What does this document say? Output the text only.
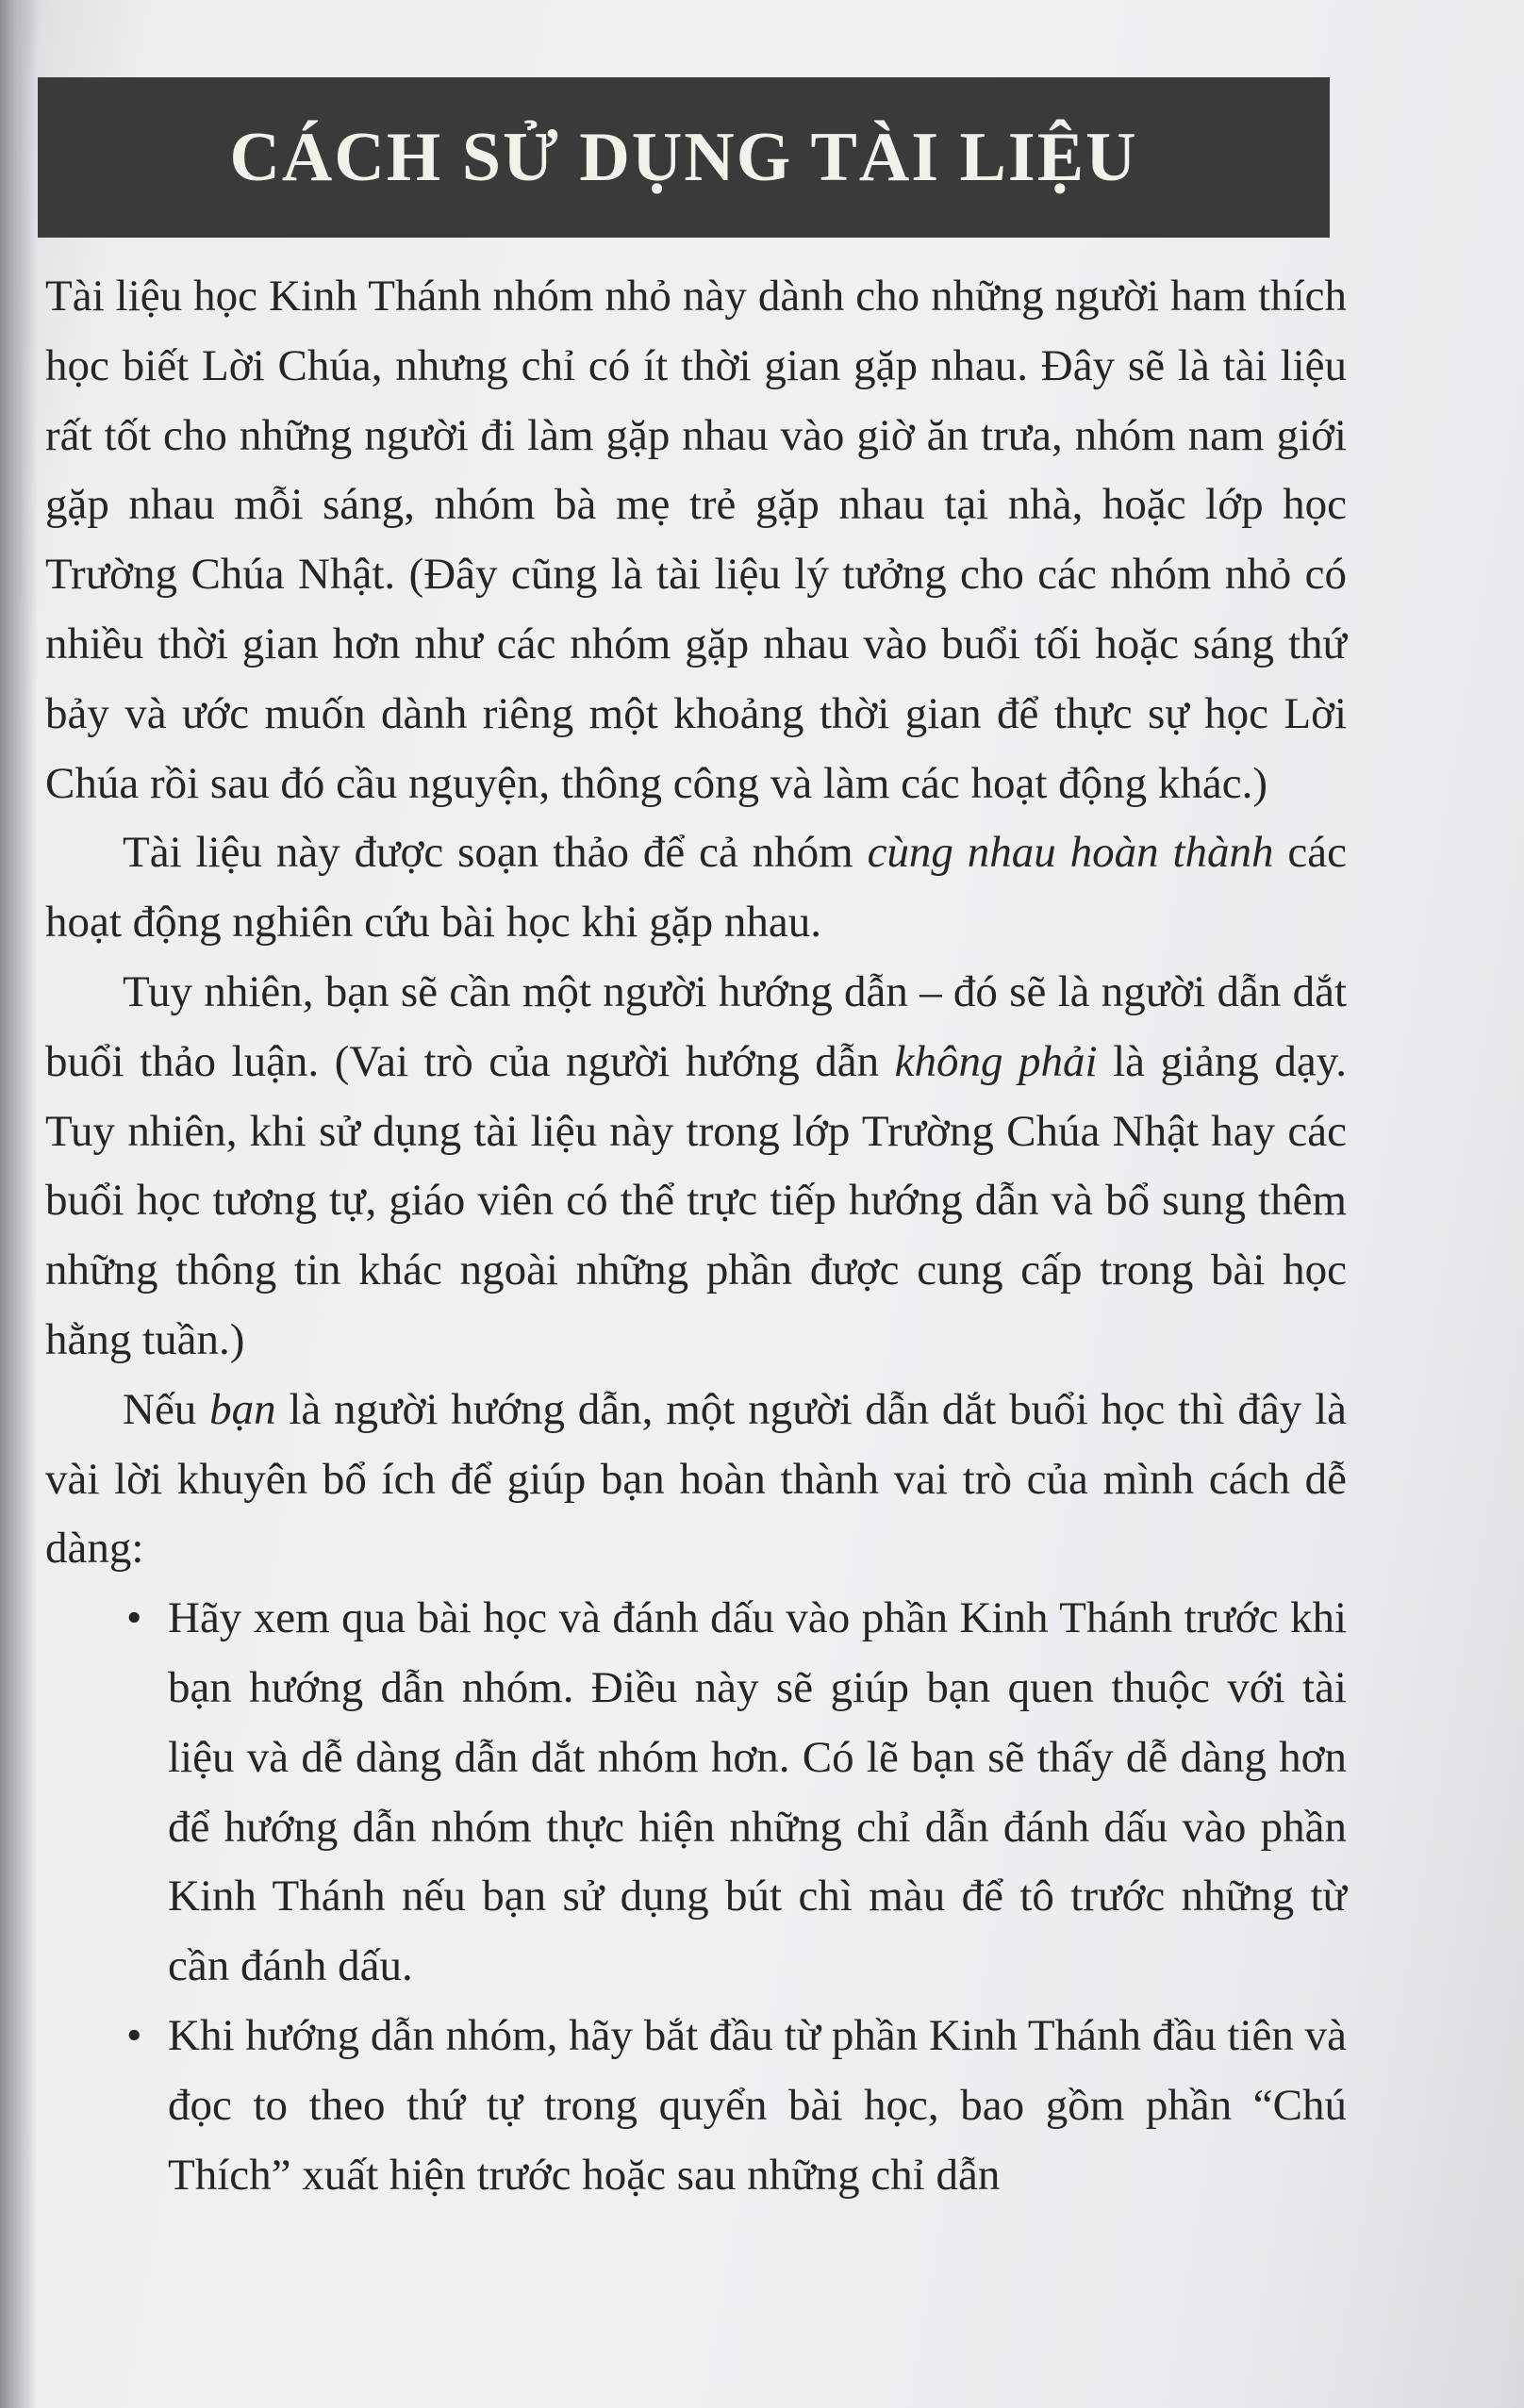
CÁCH SỬ DỤNG TÀI LIỆU

Tài liệu học Kinh Thánh nhóm nhỏ này dành cho những người ham thích học biết Lời Chúa, nhưng chỉ có ít thời gian gặp nhau. Đây sẽ là tài liệu rất tốt cho những người đi làm gặp nhau vào giờ ăn trưa, nhóm nam giới gặp nhau mỗi sáng, nhóm bà mẹ trẻ gặp nhau tại nhà, hoặc lớp học Trường Chúa Nhật. (Đây cũng là tài liệu lý tưởng cho các nhóm nhỏ có nhiều thời gian hơn như các nhóm gặp nhau vào buổi tối hoặc sáng thứ bảy và ước muốn dành riêng một khoảng thời gian để thực sự học Lời Chúa rồi sau đó cầu nguyện, thông công và làm các hoạt động khác.)

Tài liệu này được soạn thảo để cả nhóm cùng nhau hoàn thành các hoạt động nghiên cứu bài học khi gặp nhau.

Tuy nhiên, bạn sẽ cần một người hướng dẫn – đó sẽ là người dẫn dắt buổi thảo luận. (Vai trò của người hướng dẫn không phải là giảng dạy. Tuy nhiên, khi sử dụng tài liệu này trong lớp Trường Chúa Nhật hay các buổi học tương tự, giáo viên có thể trực tiếp hướng dẫn và bổ sung thêm những thông tin khác ngoài những phần được cung cấp trong bài học hằng tuần.)

Nếu bạn là người hướng dẫn, một người dẫn dắt buổi học thì đây là vài lời khuyên bổ ích để giúp bạn hoàn thành vai trò của mình cách dễ dàng:

• Hãy xem qua bài học và đánh dấu vào phần Kinh Thánh trước khi bạn hướng dẫn nhóm. Điều này sẽ giúp bạn quen thuộc với tài liệu và dễ dàng dẫn dắt nhóm hơn. Có lẽ bạn sẽ thấy dễ dàng hơn để hướng dẫn nhóm thực hiện những chỉ dẫn đánh dấu vào phần Kinh Thánh nếu bạn sử dụng bút chì màu để tô trước những từ cần đánh dấu.
• Khi hướng dẫn nhóm, hãy bắt đầu từ phần Kinh Thánh đầu tiên và đọc to theo thứ tự trong quyển bài học, bao gồm phần “Chú Thích” xuất hiện trước hoặc sau những chỉ dẫn
